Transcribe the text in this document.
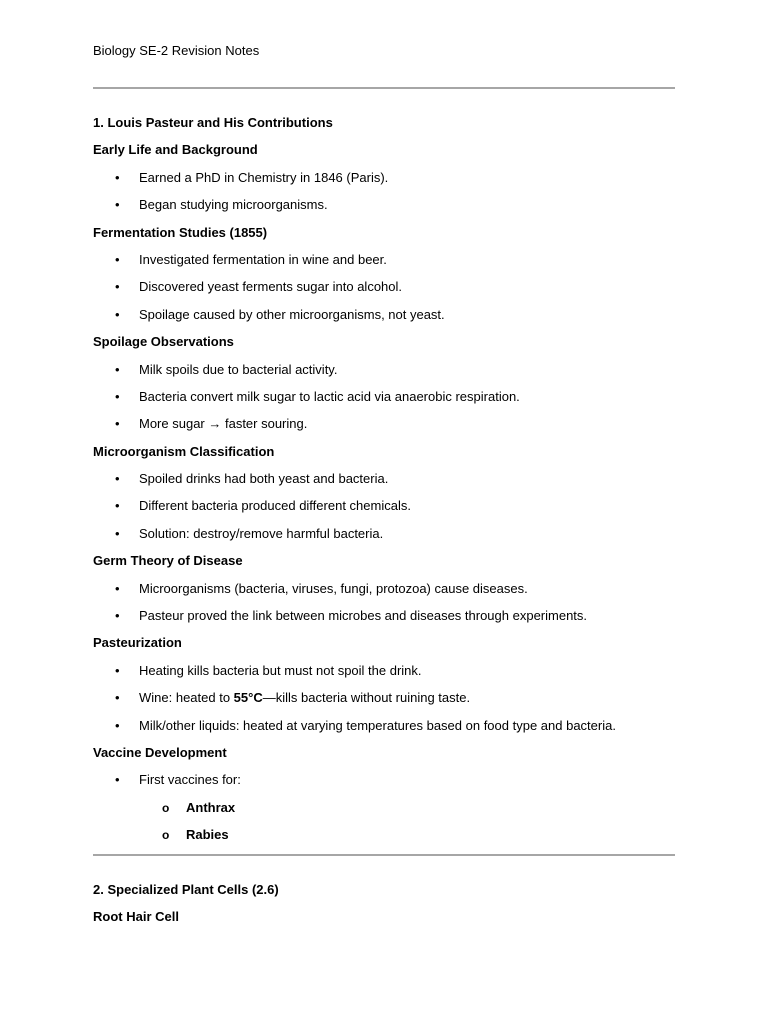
Biology SE-2 Revision Notes
1. Louis Pasteur and His Contributions
Early Life and Background
• Earned a PhD in Chemistry in 1846 (Paris).
• Began studying microorganisms.
Fermentation Studies (1855)
• Investigated fermentation in wine and beer.
• Discovered yeast ferments sugar into alcohol.
• Spoilage caused by other microorganisms, not yeast.
Spoilage Observations
• Milk spoils due to bacterial activity.
• Bacteria convert milk sugar to lactic acid via anaerobic respiration.
• More sugar → faster souring.
Microorganism Classification
• Spoiled drinks had both yeast and bacteria.
• Different bacteria produced different chemicals.
• Solution: destroy/remove harmful bacteria.
Germ Theory of Disease
• Microorganisms (bacteria, viruses, fungi, protozoa) cause diseases.
• Pasteur proved the link between microbes and diseases through experiments.
Pasteurization
• Heating kills bacteria but must not spoil the drink.
• Wine: heated to 55°C—kills bacteria without ruining taste.
• Milk/other liquids: heated at varying temperatures based on food type and bacteria.
Vaccine Development
• First vaccines for:
o Anthrax
o Rabies
2. Specialized Plant Cells (2.6)
Root Hair Cell
